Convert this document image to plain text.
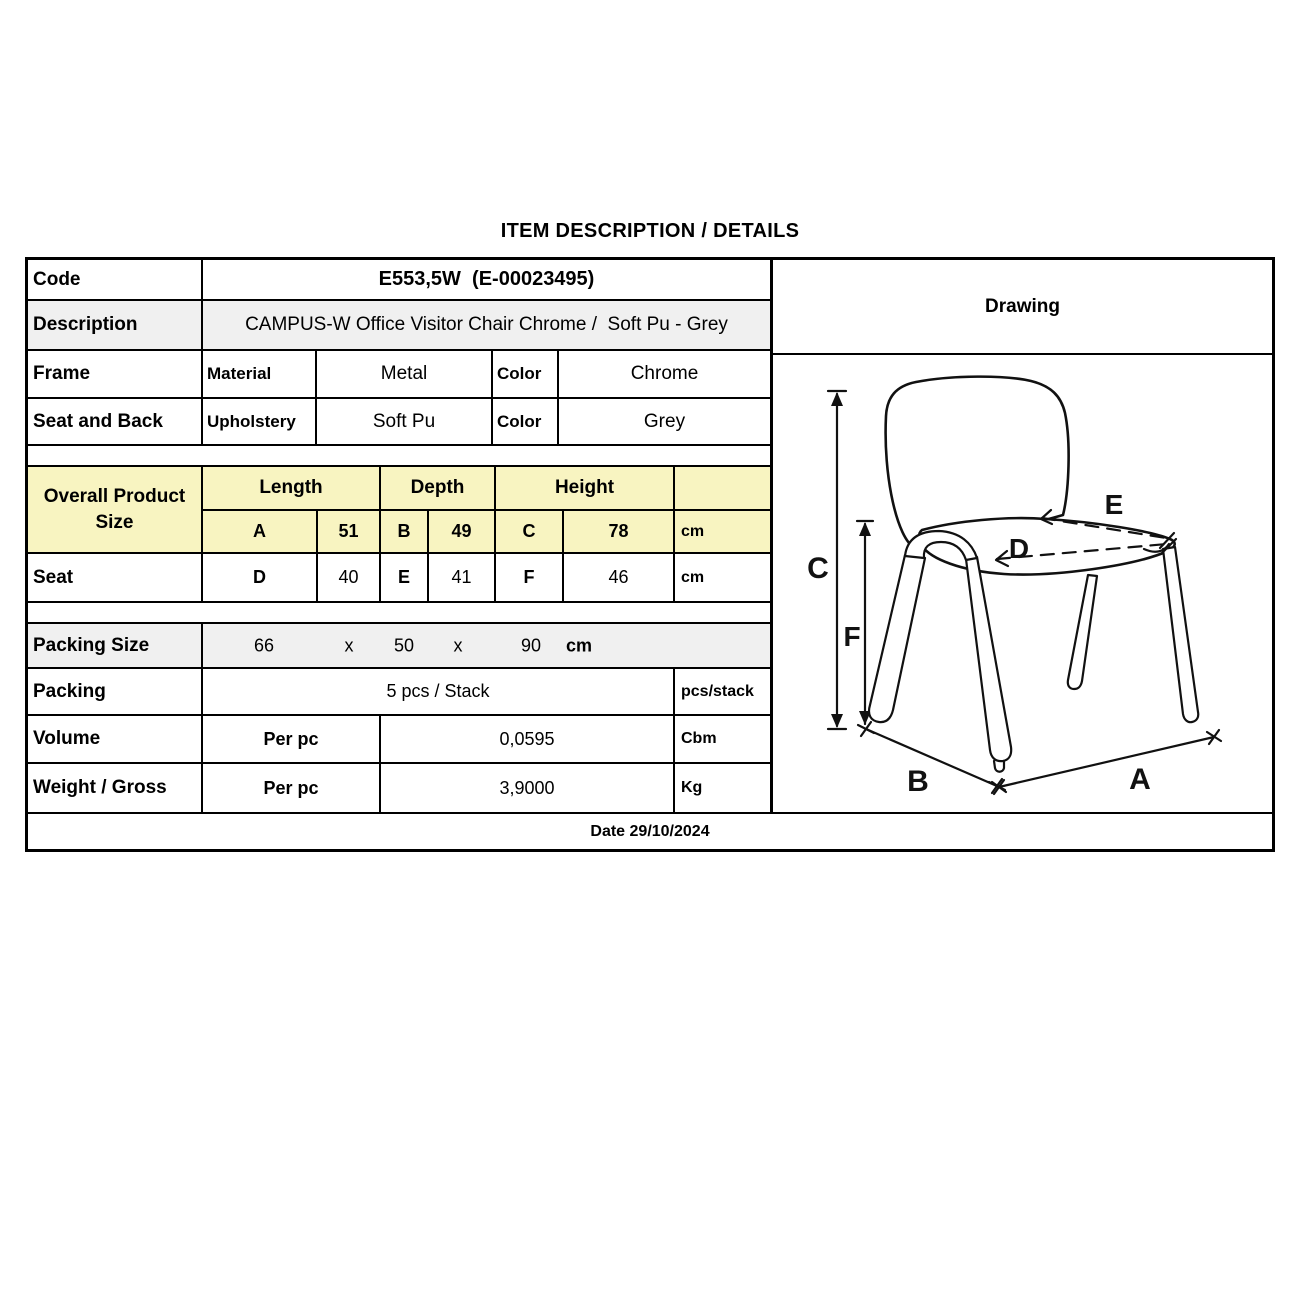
ITEM DESCRIPTION / DETAILS
Code	E553,5W  (E-00023495)
Description	CAMPUS-W Office Visitor Chair Chrome /  Soft Pu - Grey
Frame	Material	Metal	Color	Chrome
Seat and Back	Upholstery	Soft Pu	Color	Grey
Overall Product
Size
Length	Depth	Height
A	51	B	49	C	78	cm
Seat	D	40	E	41	F	46	cm
Packing Size	66	x	50	x	90	cm
Packing	5 pcs / Stack	pcs/stack
Volume	Per pc	0,0595	Cbm
Weight / Gross	Per pc	3,9000	Kg
Drawing
C
F
D
E
B	A
Date 29/10/2024
